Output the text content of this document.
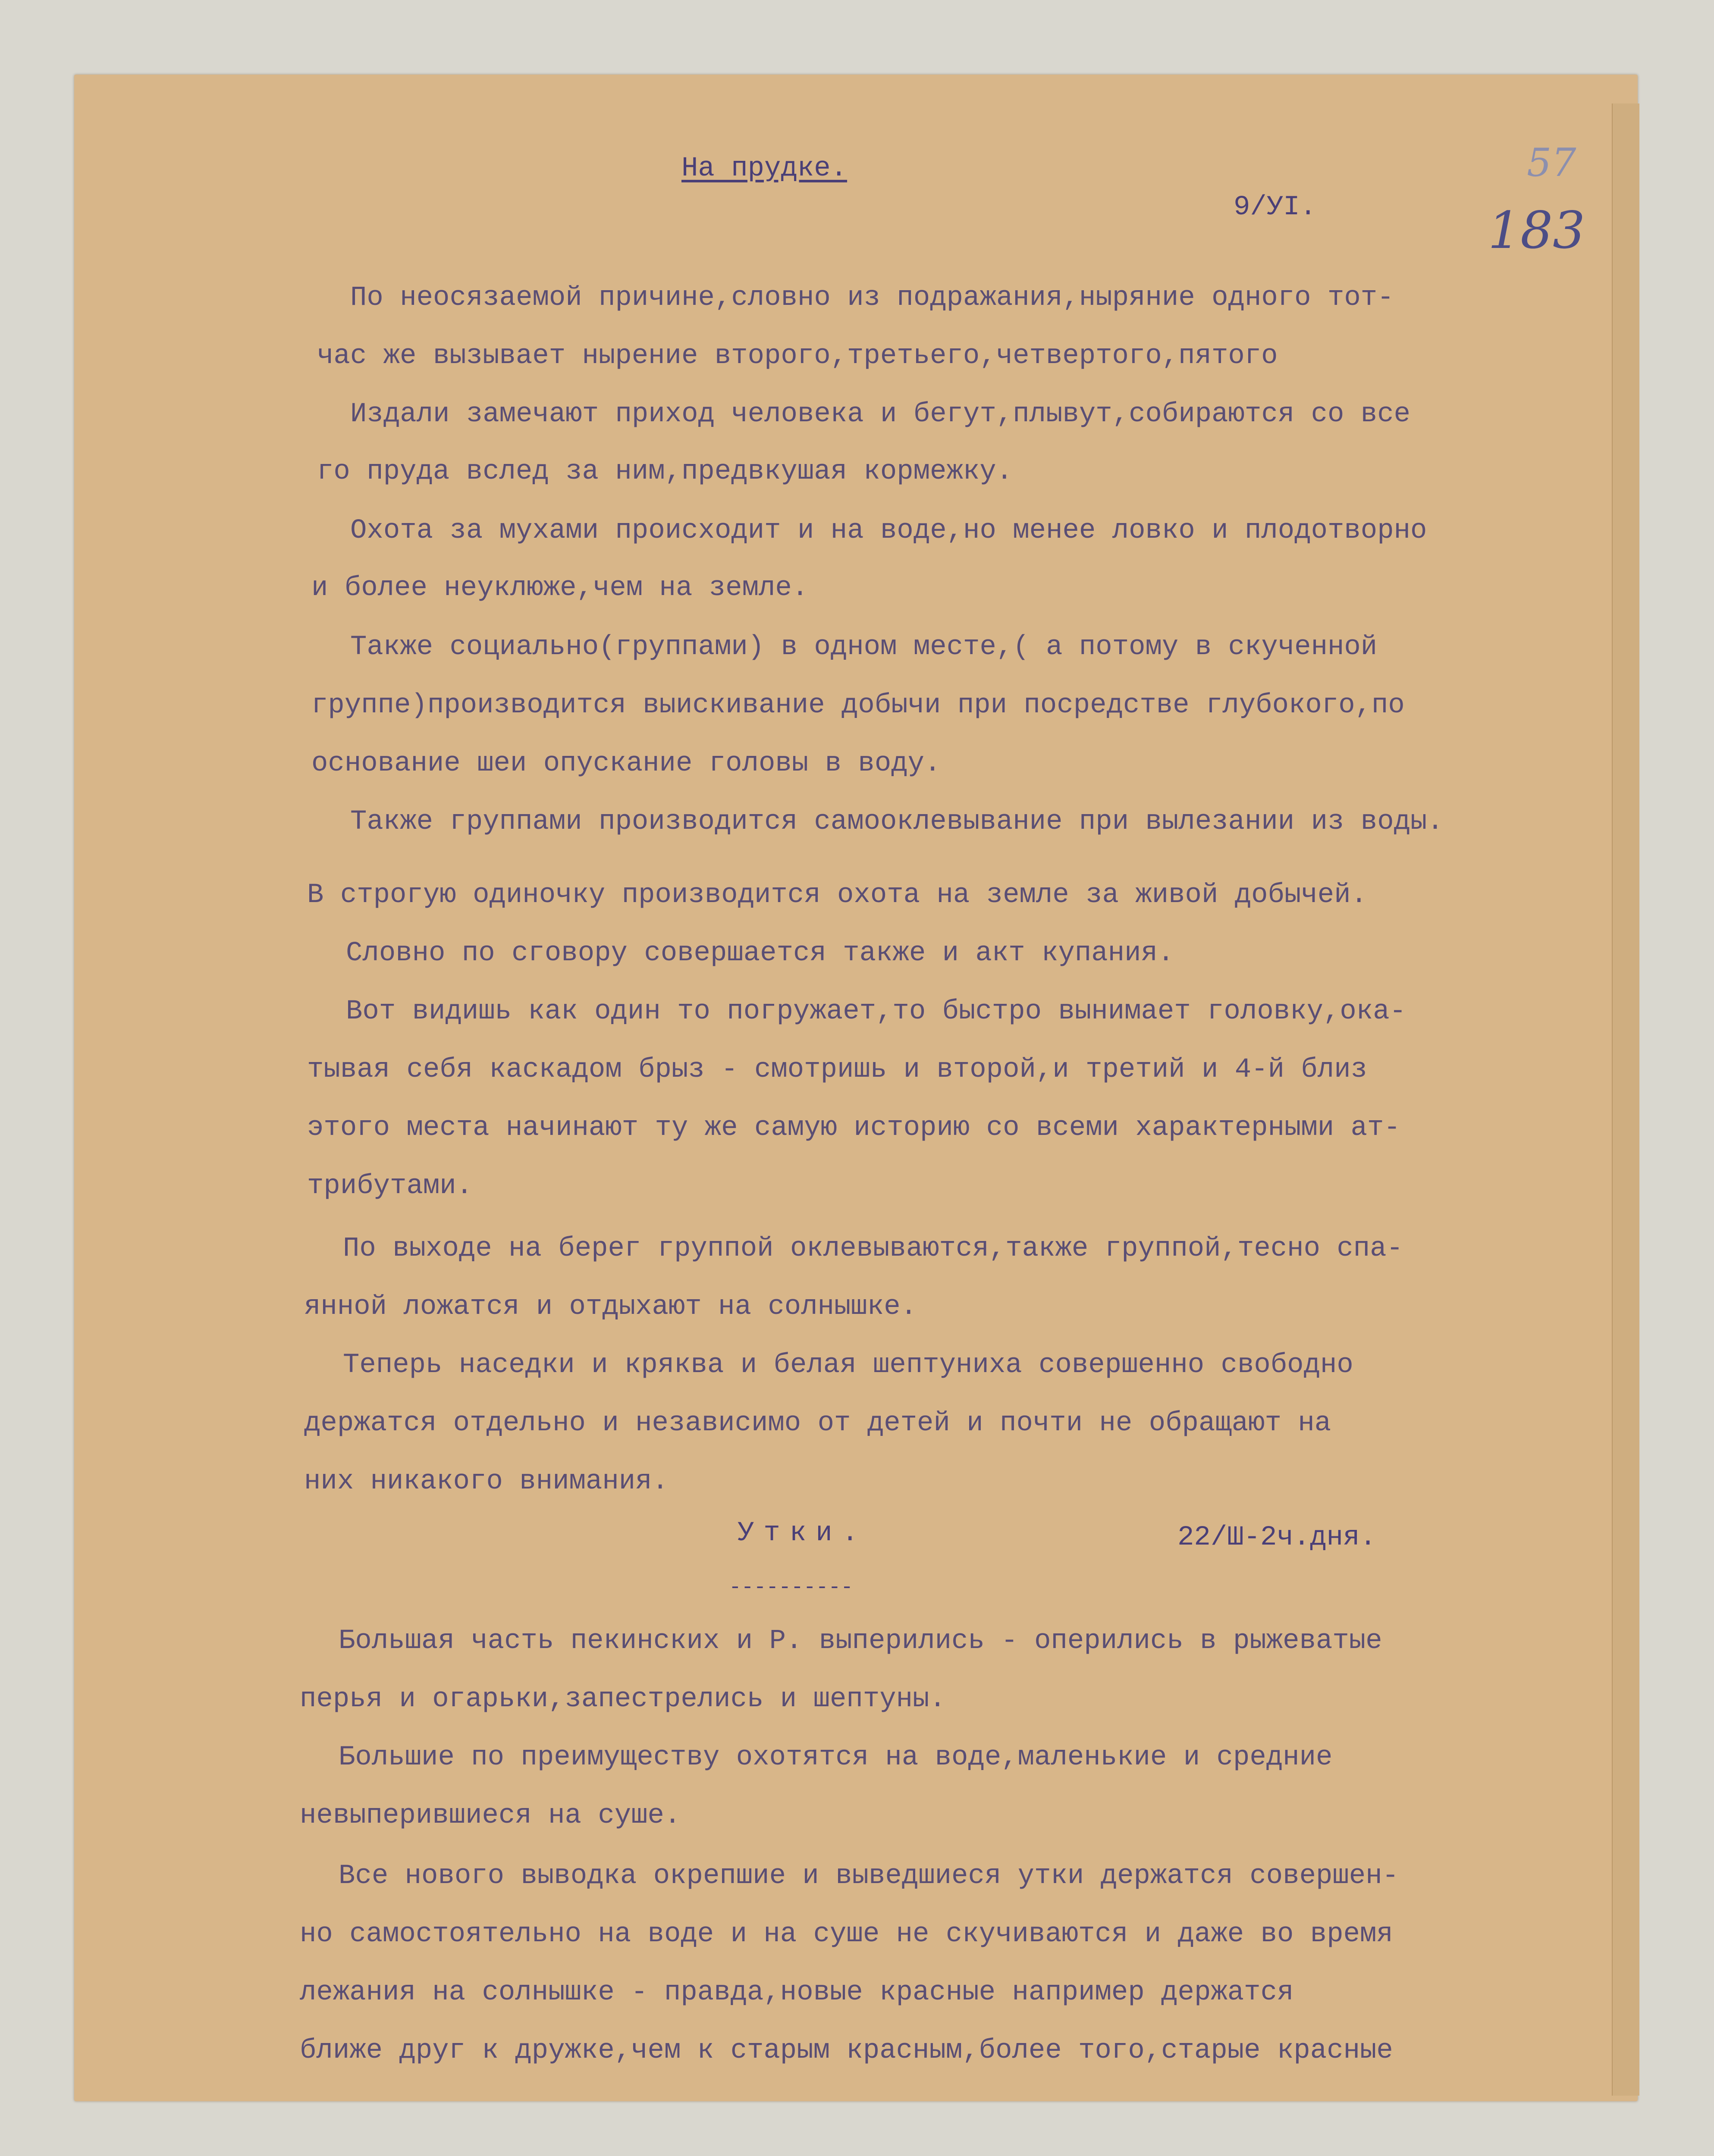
На прудке.
9/УI.
57
183
По неосязаемой причине,словно из подражания,ныряние одного тот-
час же вызывает нырение второго,третьего,четвертого,пятого
Издали замечают приход человека и бегут,плывут,собираются со все
го пруда вслед за ним,предвкушая кормежку.
Охота за мухами происходит и на воде,но менее ловко и плодотворно
и более неуклюже,чем на земле.
Также социально(группами) в одном месте,( а потому в скученной
группе)производится выискивание добычи при посредстве глубокого,по
основание шеи опускание головы в воду.
Также группами производится самооклевывание при вылезании из воды.
В строгую одиночку производится охота на земле за живой добычей.
Словно по сговору совершается также и акт купания.
Вот видишь как один то погружает,то быстро вынимает головку,ока-
тывая себя каскадом брыз - смотришь и второй,и третий и 4-й близ
этого места начинают ту же самую историю со всеми характерными ат-
трибутами.
По выходе на берег группой оклевываются,также группой,тесно спа-
янной ложатся и отдыхают на солнышке.
Теперь наседки и кряква и белая шептуниха совершенно свободно
держатся отдельно и независимо от детей и почти не обращают на
них никакого внимания.
Утки.
----------
22/Ш-2ч.дня.
Большая часть пекинских и Р. выперились - оперились в рыжеватые
перья и огарьки,запестрелись и шептуны.
Большие по преимуществу охотятся на воде,маленькие и средние
невыперившиеся на суше.
Все нового выводка окрепшие и выведшиеся утки держатся совершен-
но самостоятельно на воде и на суше не скучиваются и даже во время
лежания на солнышке - правда,новые красные например держатся
ближе друг к дружке,чем к старым красным,более того,старые красные
